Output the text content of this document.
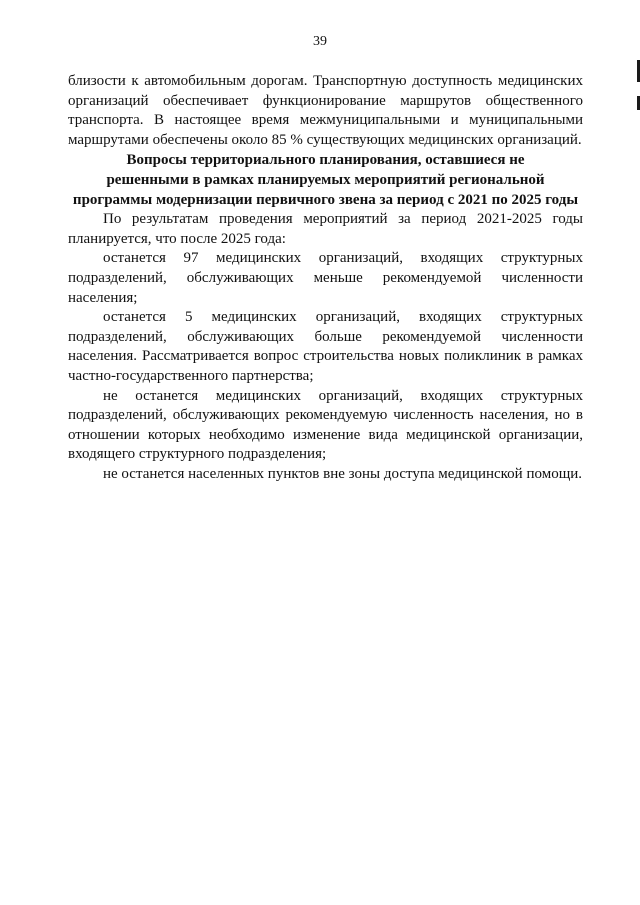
39

близости к автомобильным дорогам. Транспортную доступность медицинских организаций обеспечивает функционирование маршрутов общественного транспорта. В настоящее время межмуниципальными и муниципальными маршрутами обеспечены около 85 % существующих медицинских организаций.

Вопросы территориального планирования, оставшиеся не
решенными в рамках планируемых мероприятий региональной
программы модернизации первичного звена за период с 2021 по 2025 годы

По результатам проведения мероприятий за период 2021-2025 годы планируется, что после 2025 года:

останется 97 медицинских организаций, входящих структурных подразделений, обслуживающих меньше рекомендуемой численности населения;

останется 5 медицинских организаций, входящих структурных подразделений, обслуживающих больше рекомендуемой численности населения. Рассматривается вопрос строительства новых поликлиник в рамках частно-государственного партнерства;

не останется медицинских организаций, входящих структурных подразделений, обслуживающих рекомендуемую численность населения, но в отношении которых необходимо изменение вида медицинской организации, входящего структурного подразделения;

не останется населенных пунктов вне зоны доступа медицинской помощи.
